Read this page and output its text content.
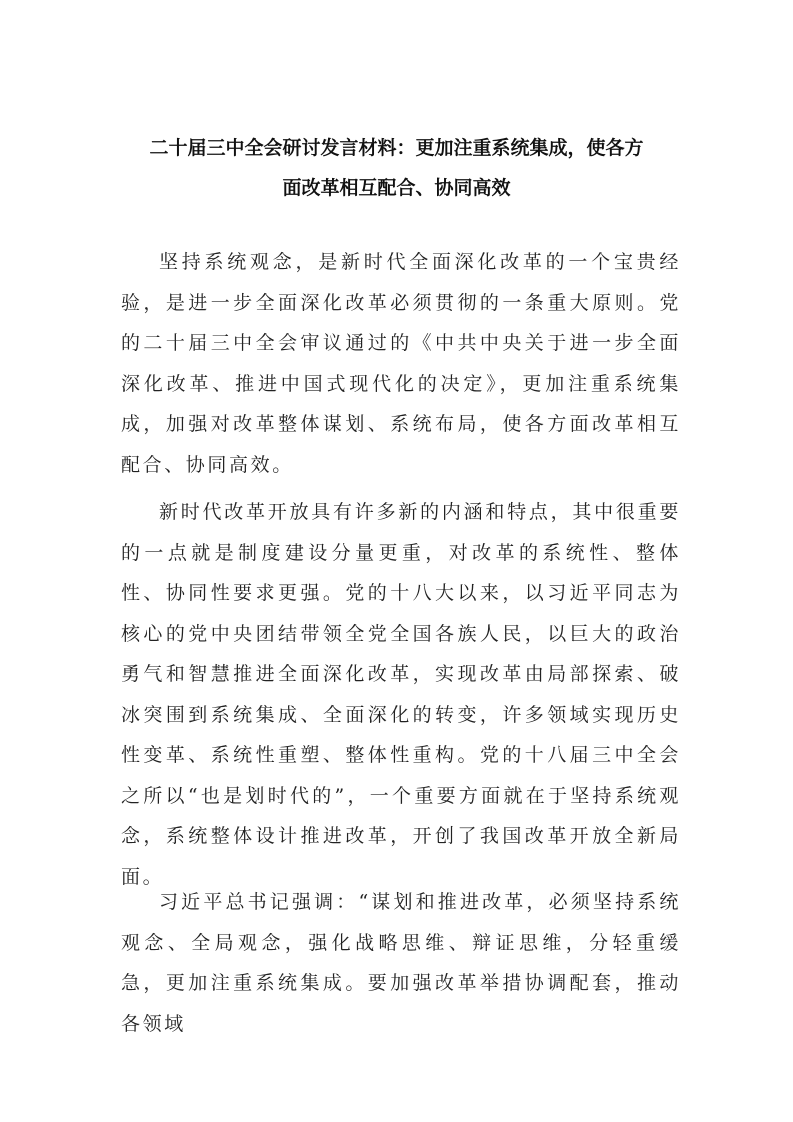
二十届三中全会研讨发言材料：更加注重系统集成，使各方
面改革相互配合、协同高效

坚持系统观念，是新时代全面深化改革的一个宝贵经验，是进一步全面深化改革必须贯彻的一条重大原则。党的二十届三中全会审议通过的《中共中央关于进一步全面深化改革、推进中国式现代化的决定》，更加注重系统集成，加强对改革整体谋划、系统布局，使各方面改革相互配合、协同高效。

新时代改革开放具有许多新的内涵和特点，其中很重要的一点就是制度建设分量更重，对改革的系统性、整体性、协同性要求更强。党的十八大以来，以习近平同志为核心的党中央团结带领全党全国各族人民，以巨大的政治勇气和智慧推进全面深化改革，实现改革由局部探索、破冰突围到系统集成、全面深化的转变，许多领域实现历史性变革、系统性重塑、整体性重构。党的十八届三中全会之所以“也是划时代的”，一个重要方面就在于坚持系统观念，系统整体设计推进改革，开创了我国改革开放全新局面。

习近平总书记强调：“谋划和推进改革，必须坚持系统观念、全局观念，强化战略思维、辩证思维，分轻重缓急，更加注重系统集成。要加强改革举措协调配套，推动各领域
